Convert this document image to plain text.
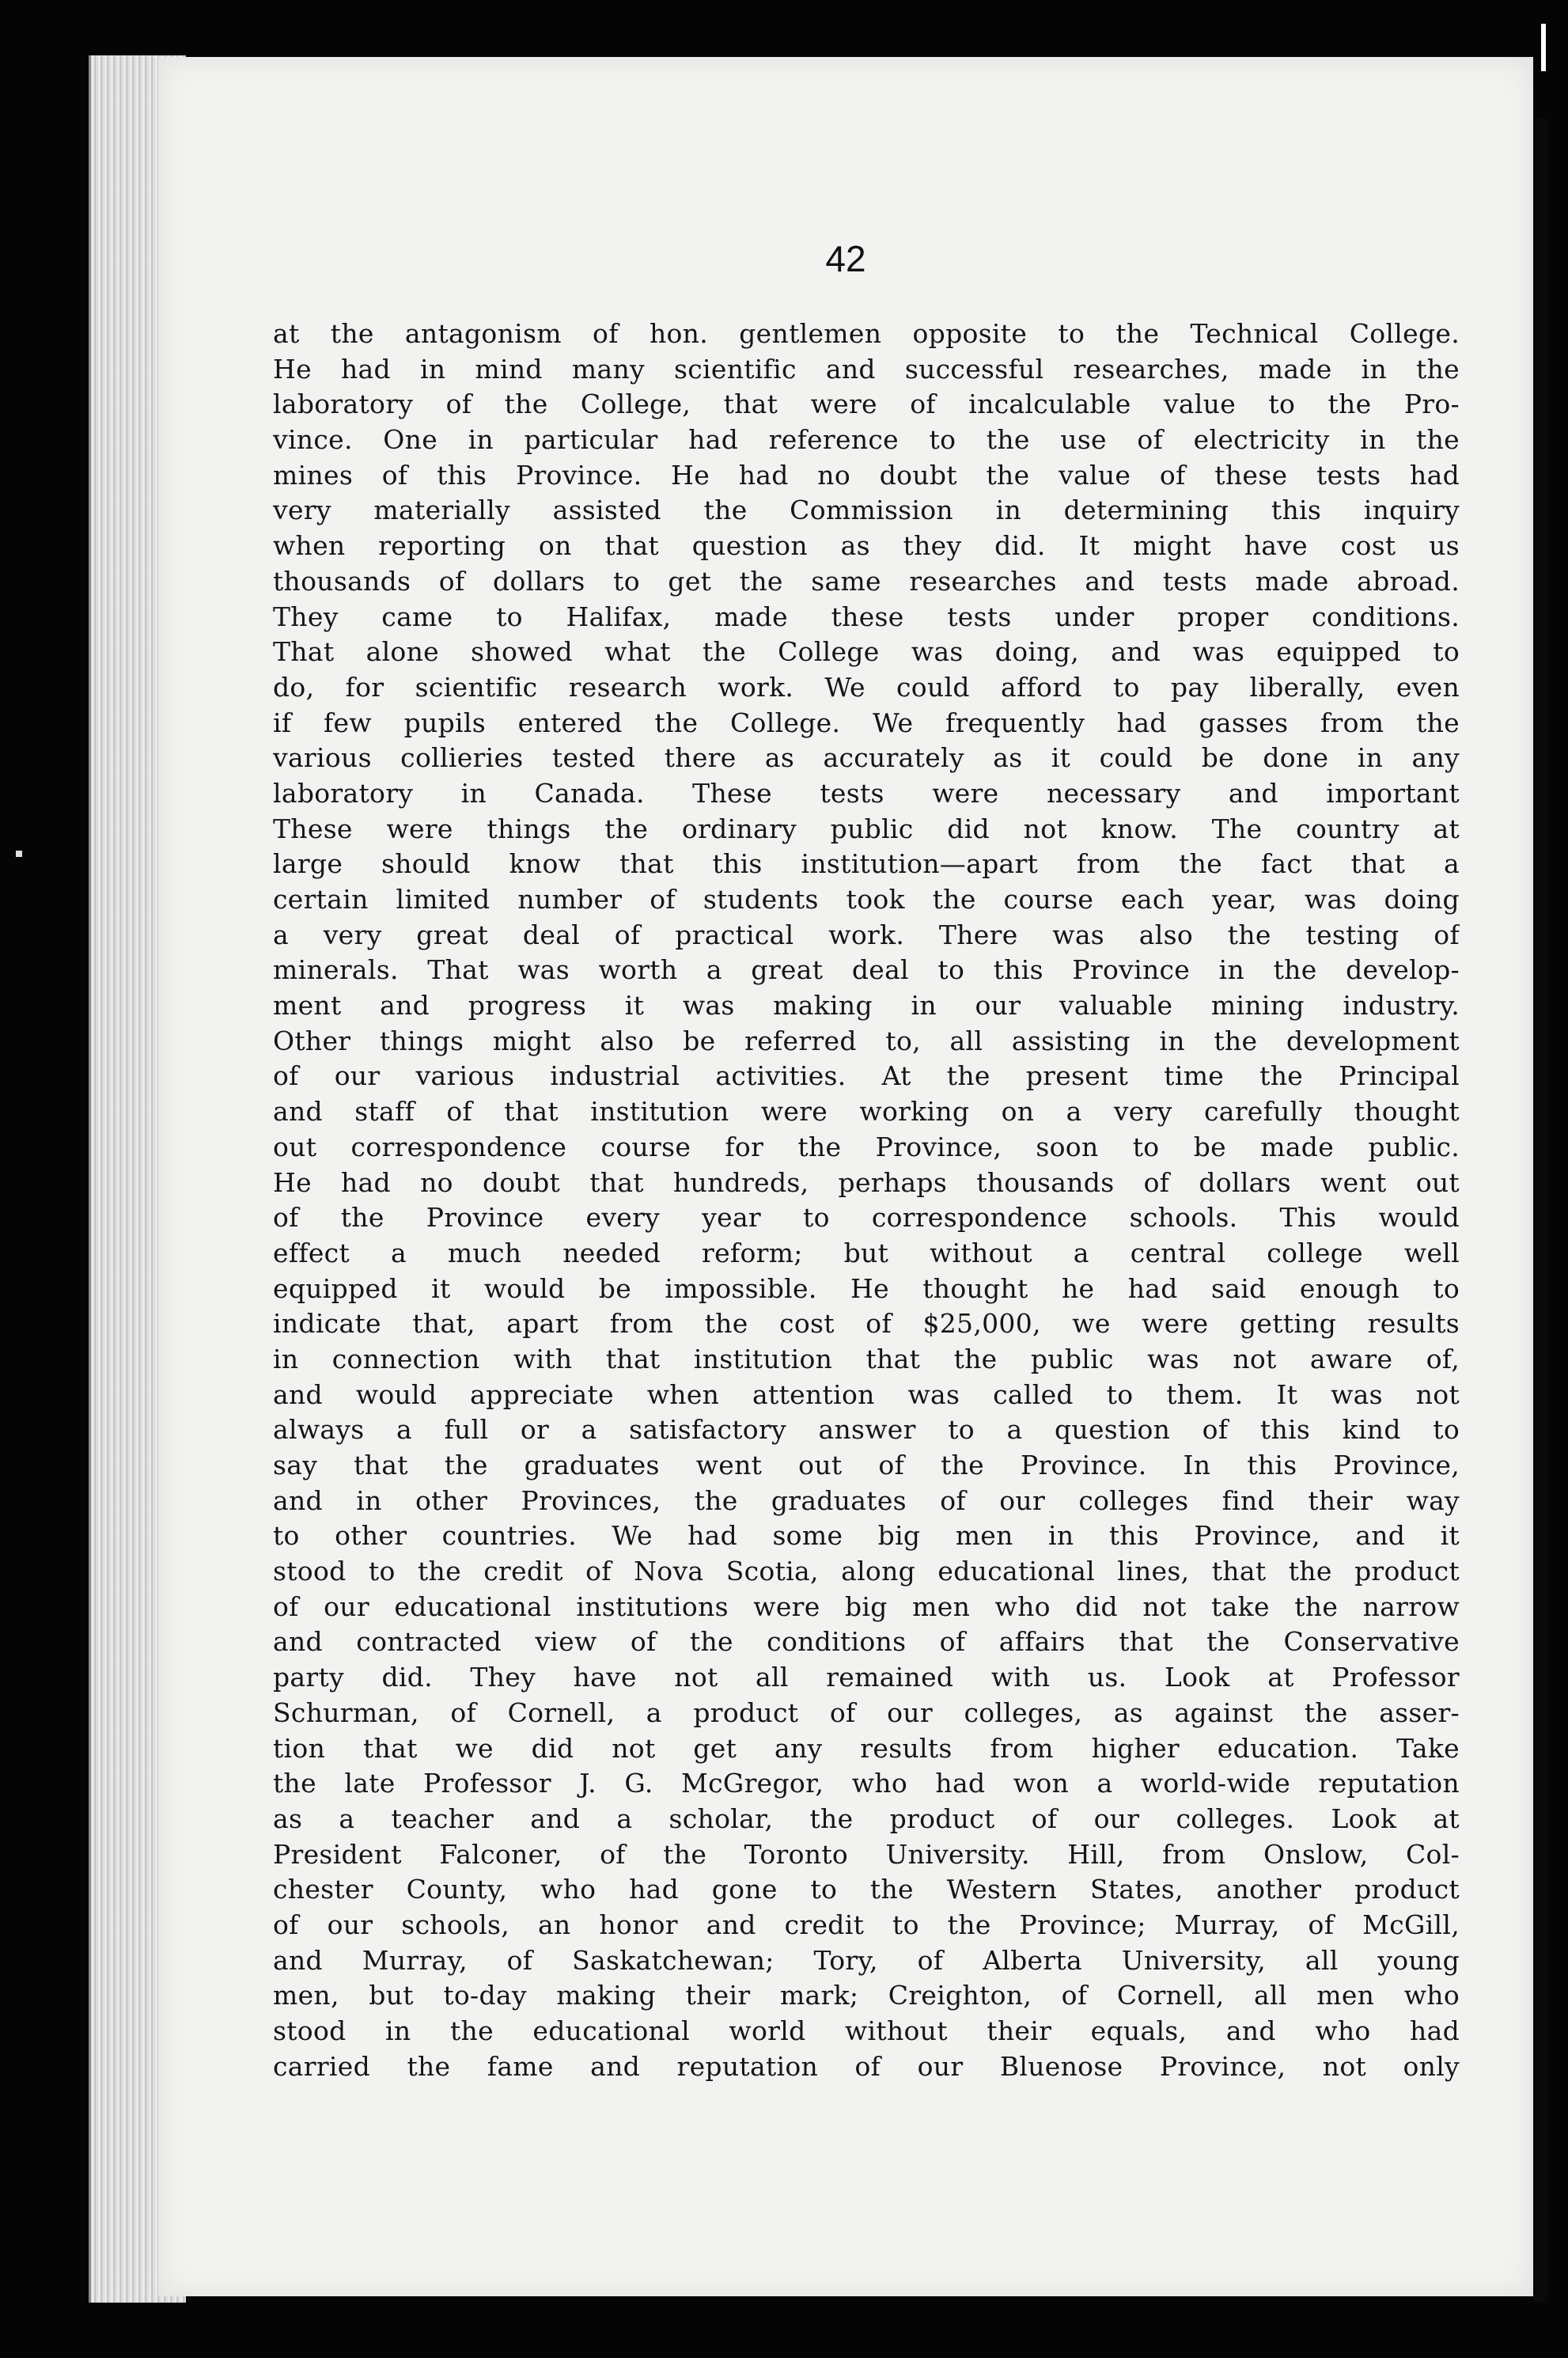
42
at the antagonism of hon. gentlemen opposite to the Technical College.
He had in mind many scientific and successful researches, made in the
laboratory of the College, that were of incalculable value to the Pro-
vince. One in particular had reference to the use of electricity in the
mines of this Province. He had no doubt the value of these tests had
very materially assisted the Commission in determining this inquiry
when reporting on that question as they did. It might have cost us
thousands of dollars to get the same researches and tests made abroad.
They came to Halifax, made these tests under proper conditions.
That alone showed what the College was doing, and was equipped to
do, for scientific research work. We could afford to pay liberally, even
if few pupils entered the College. We frequently had gasses from the
various collieries tested there as accurately as it could be done in any
laboratory in Canada. These tests were necessary and important
These were things the ordinary public did not know. The country at
large should know that this institution—apart from the fact that a
certain limited number of students took the course each year, was doing
a very great deal of practical work. There was also the testing of
minerals. That was worth a great deal to this Province in the develop-
ment and progress it was making in our valuable mining industry.
Other things might also be referred to, all assisting in the development
of our various industrial activities. At the present time the Principal
and staff of that institution were working on a very carefully thought
out correspondence course for the Province, soon to be made public.
He had no doubt that hundreds, perhaps thousands of dollars went out
of the Province every year to correspondence schools. This would
effect a much needed reform; but without a central college well
equipped it would be impossible. He thought he had said enough to
indicate that, apart from the cost of $25,000, we were getting results
in connection with that institution that the public was not aware of,
and would appreciate when attention was called to them. It was not
always a full or a satisfactory answer to a question of this kind to
say that the graduates went out of the Province. In this Province,
and in other Provinces, the graduates of our colleges find their way
to other countries. We had some big men in this Province, and it
stood to the credit of Nova Scotia, along educational lines, that the product
of our educational institutions were big men who did not take the narrow
and contracted view of the conditions of affairs that the Conservative
party did. They have not all remained with us. Look at Professor
Schurman, of Cornell, a product of our colleges, as against the asser-
tion that we did not get any results from higher education. Take
the late Professor J. G. McGregor, who had won a world-wide reputation
as a teacher and a scholar, the product of our colleges. Look at
President Falconer, of the Toronto University. Hill, from Onslow, Col-
chester County, who had gone to the Western States, another product
of our schools, an honor and credit to the Province; Murray, of McGill,
and Murray, of Saskatchewan; Tory, of Alberta University, all young
men, but to-day making their mark; Creighton, of Cornell, all men who
stood in the educational world without their equals, and who had
carried the fame and reputation of our Bluenose Province, not only
